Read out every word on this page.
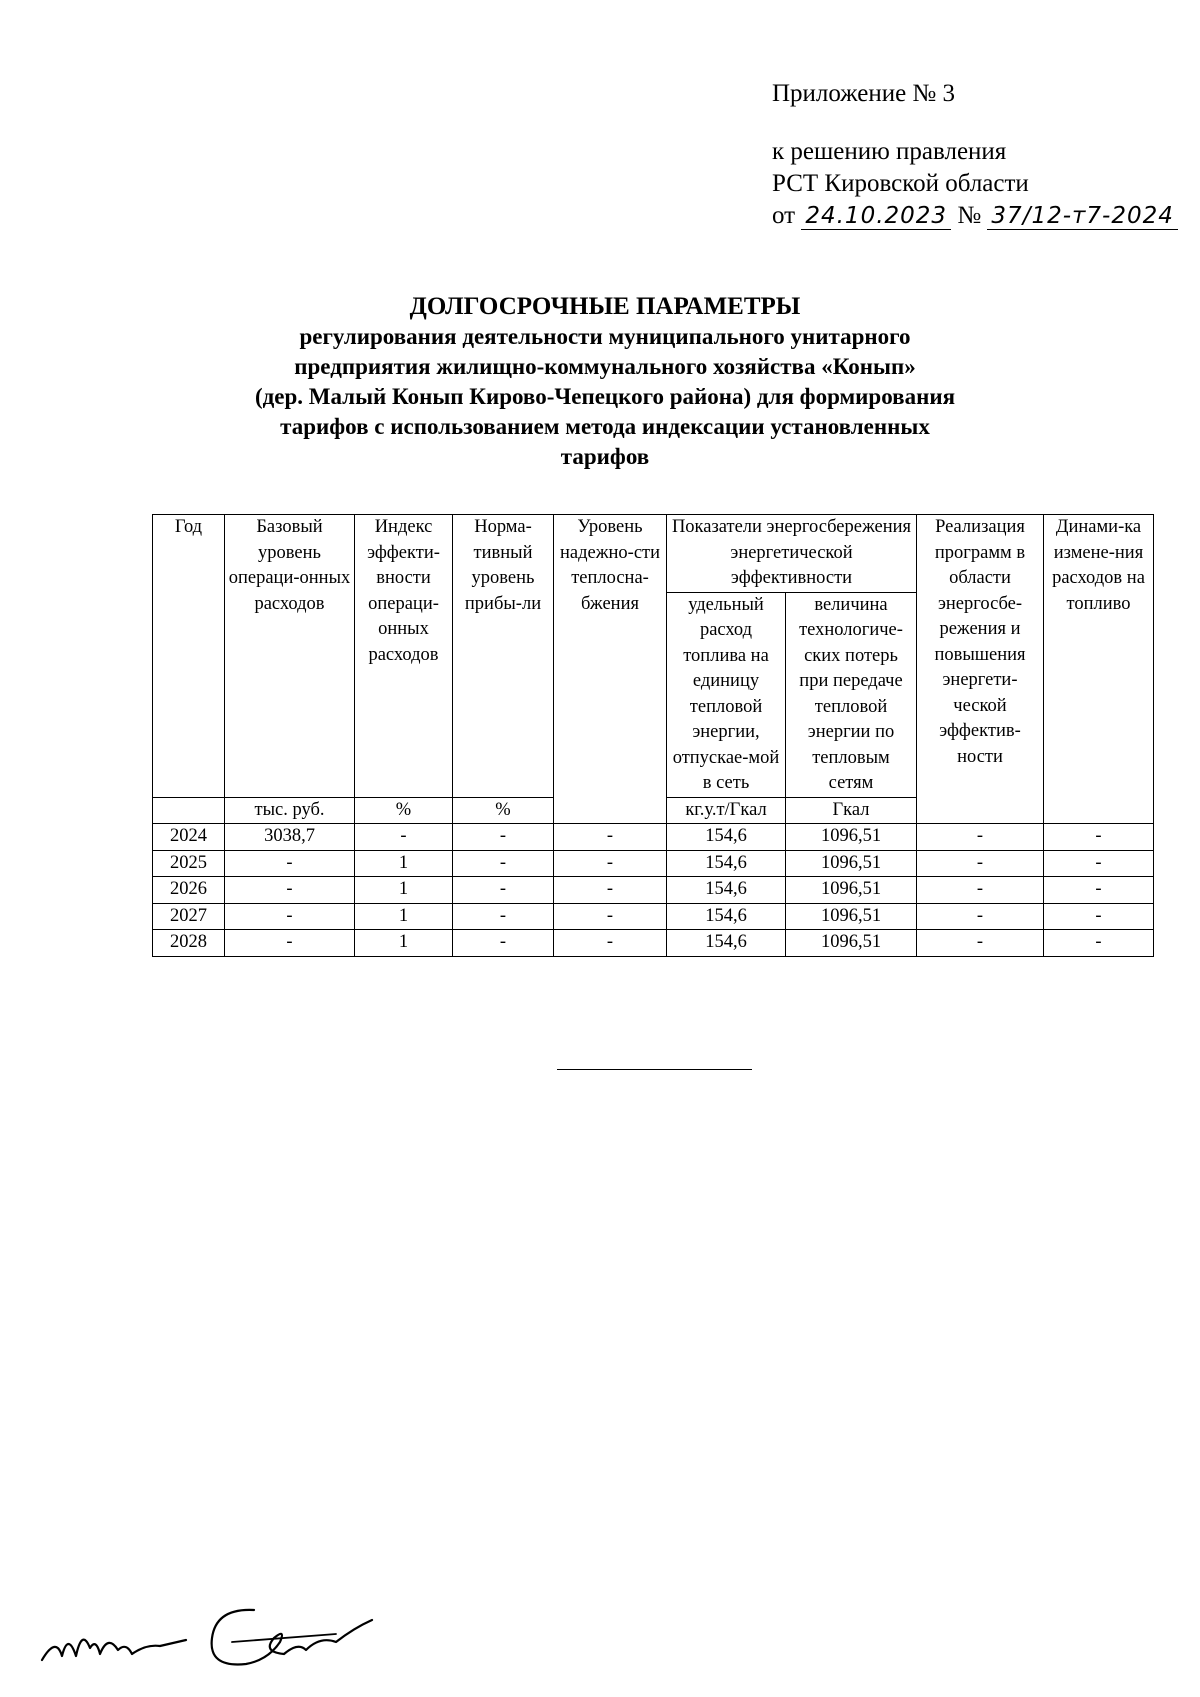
Приложение № 3
к решению правления
РСТ Кировской области
от 24.10.2023 № 37/12-т7-2024
ДОЛГОСРОЧНЫЕ ПАРАМЕТРЫ
регулирования деятельности муниципального унитарного
предприятия жилищно-коммунального хозяйства «Конып»
(дер. Малый Конып Кирово-Чепецкого района) для формирования
тарифов с использованием метода индексации установленных
тарифов
Год	Базовый уровень операци-онных расходов	Индекс эффекти-вности операци-онных расходов	Норма-тивный уровень прибы-ли	Уровень надежно-сти теплосна-бжения	Показатели энергосбережения энергетической эффективности		Реализация программ в области энергосбе-режения и повышения энергети-ческой эффектив-ности	Динами-ка измене-ния расходов на топливо
					удельный расход топлива на единицу тепловой энергии, отпускае-мой в сеть	величина технологиче-ских потерь при передаче тепловой энергии по тепловым сетям		
	тыс. руб.	%	%		кг.у.т/Гкал	Гкал		
2024	3038,7	-	-	-	154,6	1096,51	-	-
2025	-	1	-	-	154,6	1096,51	-	-
2026	-	1	-	-	154,6	1096,51	-	-
2027	-	1	-	-	154,6	1096,51	-	-
2028	-	1	-	-	154,6	1096,51	-	-
